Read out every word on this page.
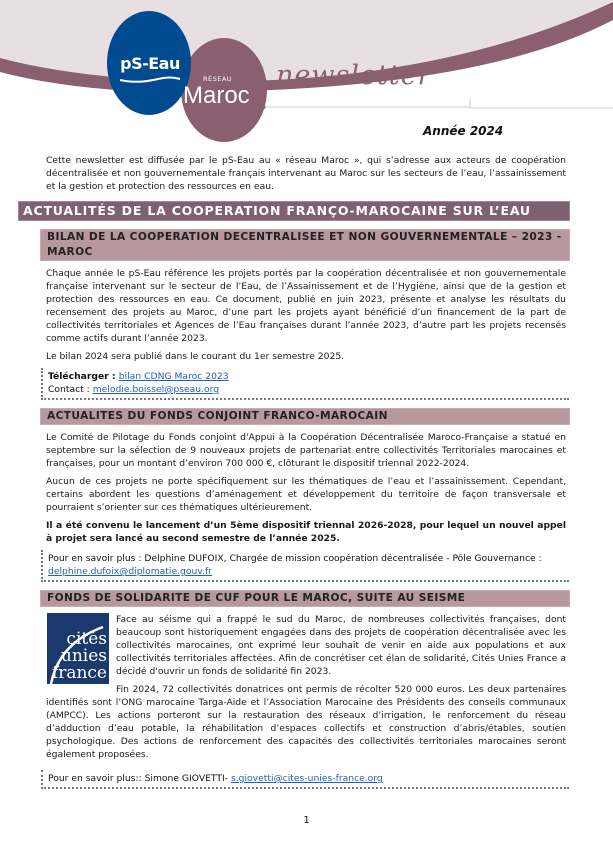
pS-Eau
RÉSEAU
Maroc
newsletter
Année 2024
Cette newsletter est diffusée par le pS-Eau au « réseau Maroc », qui s’adresse aux acteurs de coopération décentralisée et non gouvernementale français intervenant au Maroc sur les secteurs de l’eau, l’assainissement et la gestion et protection des ressources en eau.
ACTUALITÉS DE LA COOPERATION FRANÇO-MAROCAINE SUR L’EAU
BILAN DE LA COOPERATION DECENTRALISEE ET NON GOUVERNEMENTALE – 2023 - MAROC
Chaque année le pS-Eau référence les projets portés par la coopération décentralisée et non gouvernementale française intervenant sur le secteur de l’Eau, de l’Assainissement et de l’Hygiène, ainsi que de la gestion et protection des ressources en eau. Ce document, publié en juin 2023, présente et analyse les résultats du recensement des projets au Maroc, d’une part les projets ayant bénéficié d’un financement de la part de collectivités territoriales et Agences de l’Eau françaises durant l’année 2023, d’autre part les projets recensés comme actifs durant l’année 2023.
Le bilan 2024 sera publié dans le courant du 1er semestre 2025.
Télécharger : bilan CDNG Maroc 2023
Contact : melodie.boissel@pseau.org
ACTUALITES DU FONDS CONJOINT FRANCO-MAROCAIN
Le Comité de Pilotage du Fonds conjoint d'Appui à la Coopération Décentralisée Maroco-Française a statué en septembre sur la sélection de 9 nouveaux projets de partenariat entre collectivités Territoriales marocaines et françaises, pour un montant d’environ 700 000 €, clôturant le dispositif triennal 2022-2024.
Aucun de ces projets ne porte spécifiquement sur les thématiques de l’eau et l’assainissement. Cependant, certains abordent les questions d’aménagement et développement du territoire de façon transversale et pourraient s’orienter sur ces thématiques ultérieurement.
Il a été convenu le lancement d’un 5ème dispositif triennal 2026-2028, pour lequel un nouvel appel à projet sera lancé au second semestre de l’année 2025.
Pour en savoir plus : Delphine DUFOIX, Chargée de mission coopération décentralisée - Pôle Gouvernance :
delphine.dufoix@diplomatie.gouv.fr
FONDS DE SOLIDARITE DE CUF POUR LE MAROC, SUITE AU SEISME
cités
unies
france
Face au séisme qui a frappé le sud du Maroc, de nombreuses collectivités françaises, dont beaucoup sont historiquement engagées dans des projets de coopération décentralisée avec les collectivités marocaines, ont exprimé leur souhait de venir en aide aux populations et aux collectivités territoriales affectées. Afin de concrétiser cet élan de solidarité, Cités Unies France a décidé d'ouvrir un fonds de solidarité fin 2023.
Fin 2024, 72 collectivités donatrices ont permis de récolter 520 000 euros. Les deux partenaires identifiés sont l’ONG marocaine Targa-Aide et l’Association Marocaine des Présidents des conseils communaux (AMPCC). Les actions porteront sur la restauration des réseaux d’irrigation, le renforcement du réseau d’adduction d’eau potable, la réhabilitation d’espaces collectifs et construction d’abris/étables, soutien psychologique. Des actions de renforcement des capacités des collectivités territoriales marocaines seront également proposées.
Pour en savoir plus:: Simone GIOVETTI- s.giovetti@cites-unies-france.org
1
